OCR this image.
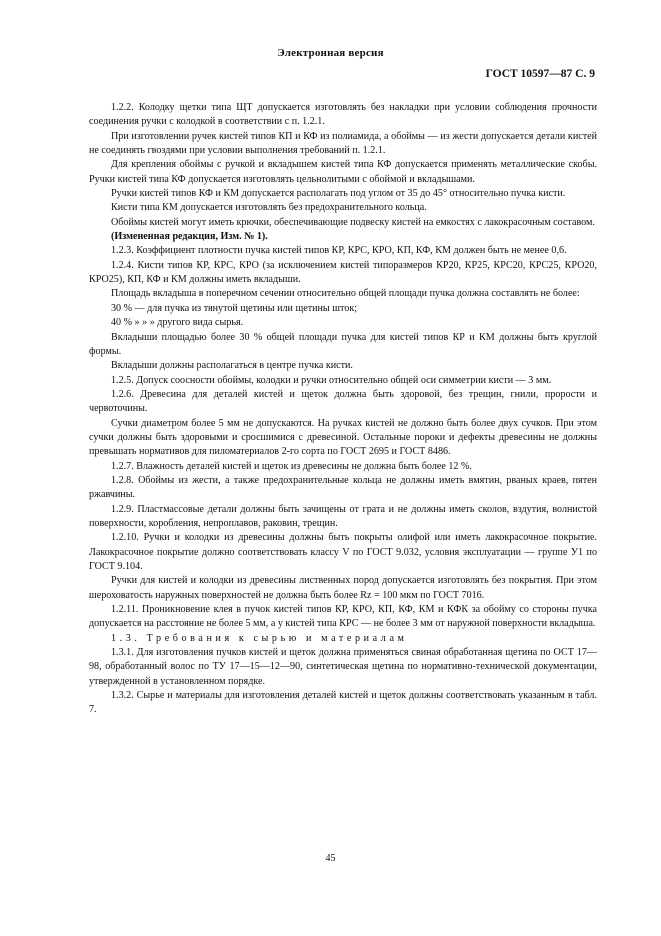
Электронная версия
ГОСТ 10597—87 С. 9

1.2.2. Колодку щетки типа ЩТ допускается изготовлять без накладки при условии соблюдения прочности соединения ручки с колодкой в соответствии с п. 1.2.1.

При изготовлении ручек кистей типов КП и КФ из полиамида, а обоймы — из жести допускается детали кистей не соединять гвоздями при условии выполнения требований п. 1.2.1.

Для крепления обоймы с ручкой и вкладышем кистей типа КФ допускается применять металлические скобы. Ручки кистей типа КФ допускается изготовлять цельнолитыми с обоймой и вкладышами.

Ручки кистей типов КФ и КМ допускается располагать под углом от 35 до 45° относительно пучка кисти.

Кисти типа КМ допускается изготовлять без предохранительного кольца.

Обоймы кистей могут иметь крючки, обеспечивающие подвеску кистей на емкостях с лакокрасочным составом.

(Измененная редакция, Изм. № 1).

1.2.3. Коэффициент плотности пучка кистей типов КР, КРС, КРО, КП, КФ, КМ должен быть не менее 0,6.

1.2.4. Кисти типов КР, КРС, КРО (за исключением кистей типоразмеров КР20, КР25, КРС20, КРС25, КРО20, КРО25), КП, КФ и КМ должны иметь вкладыши.

Площадь вкладыша в поперечном сечении относительно общей площади пучка должна составлять не более:

30 % — для пучка из тянутой щетины или щетины шток;

40 % » » » другого вида сырья.

Вкладыши площадью более 30 % общей площади пучка для кистей типов КР и КМ должны быть круглой формы.

Вкладыши должны располагаться в центре пучка кисти.

1.2.5. Допуск соосности обоймы, колодки и ручки относительно общей оси симметрии кисти — 3 мм.

1.2.6. Древесина для деталей кистей и щеток должна быть здоровой, без трещин, гнили, прорости и червоточины.

Сучки диаметром более 5 мм не допускаются. На ручках кистей не должно быть более двух сучков. При этом сучки должны быть здоровыми и сросшимися с древесиной. Остальные пороки и дефекты древесины не должны превышать нормативов для пиломатериалов 2-го сорта по ГОСТ 2695 и ГОСТ 8486.

1.2.7. Влажность деталей кистей и щеток из древесины не должна быть более 12 %.

1.2.8. Обоймы из жести, а также предохранительные кольца не должны иметь вмятин, рваных краев, пятен ржавчины.

1.2.9. Пластмассовые детали должны быть зачищены от грата и не должны иметь сколов, вздутия, волнистой поверхности, коробления, непроплавов, раковин, трещин.

1.2.10. Ручки и колодки из древесины должны быть покрыты олифой или иметь лакокрасочное покрытие. Лакокрасочное покрытие должно соответствовать классу V по ГОСТ 9.032, условия эксплуатации — группе У1 по ГОСТ 9.104.

Ручки для кистей и колодки из древесины лиственных пород допускается изготовлять без покрытия. При этом шероховатость наружных поверхностей не должна быть более Rz = 100 мкм по ГОСТ 7016.

1.2.11. Проникновение клея в пучок кистей типов КР, КРО, КП, КФ, КМ и КФК за обойму со стороны пучка допускается на расстояние не более 5 мм, а у кистей типа КРС — не более 3 мм от наружной поверхности вкладыша.

1.3. Требования к сырью и материалам

1.3.1. Для изготовления пучков кистей и щеток должна применяться свиная обработанная щетина по ОСТ 17—98, обработанный волос по ТУ 17—15—12—90, синтетическая щетина по нормативно-технической документации, утвержденной в установленном порядке.

1.3.2. Сырье и материалы для изготовления деталей кистей и щеток должны соответствовать указанным в табл. 7.

45
